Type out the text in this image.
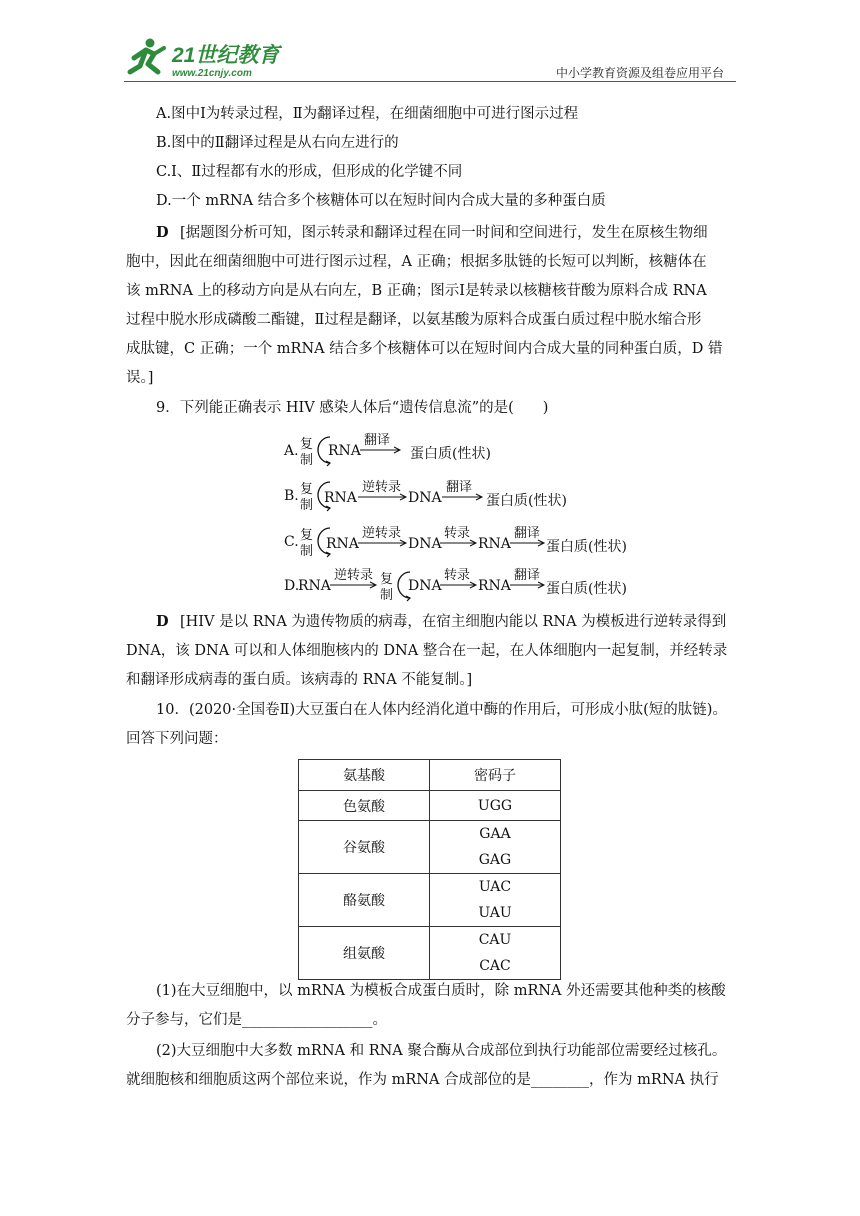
21世纪教育
www.21cnjy.com	中小学教育资源及组卷应用平台
A.图中Ⅰ为转录过程，Ⅱ为翻译过程，在细菌细胞中可进行图示过程
B.图中的Ⅱ翻译过程是从右向左进行的
C.Ⅰ、Ⅱ过程都有水的形成，但形成的化学键不同
D.一个 mRNA 结合多个核糖体可以在短时间内合成大量的多种蛋白质
D [据题图分析可知，图示转录和翻译过程在同一时间和空间进行，发生在原核生物细
胞中，因此在细菌细胞中可进行图示过程，A 正确；根据多肽链的长短可以判断，核糖体在
该 mRNA 上的移动方向是从右向左，B 正确；图示Ⅰ是转录以核糖核苷酸为原料合成 RNA
过程中脱水形成磷酸二酯键，Ⅱ过程是翻译，以氨基酸为原料合成蛋白质过程中脱水缩合形
成肽键，C 正确；一个 mRNA 结合多个核糖体可以在短时间内合成大量的同种蛋白质，D 错
误。]
9．下列能正确表示 HIV 感染人体后“遗传信息流”的是(　　)
A. 复
制
RNA
翻译
蛋白质(性状)
B. 复
制 RNA
逆转录
DNA
翻译
蛋白质(性状)
C. 复
制 RNA
逆转录
DNA
转录
RNA
翻译
蛋白质(性状)
D.
RNA
逆转录 复
制
DNA
转录
RNA
翻译
蛋白质(性状)
D [HIV 是以 RNA 为遗传物质的病毒，在宿主细胞内能以 RNA 为模板进行逆转录得到
DNA，该 DNA 可以和人体细胞核内的 DNA 整合在一起，在人体细胞内一起复制，并经转录
和翻译形成病毒的蛋白质。该病毒的 RNA 不能复制。]
10．(2020·全国卷Ⅱ)大豆蛋白在人体内经消化道中酶的作用后，可形成小肽(短的肽链)。
回答下列问题：
氨基酸	密码子
色氨酸	UGG
谷氨酸	GAA
GAG

酪氨酸	UAC
UAU

组氨酸	CAU
CAC
(1)在大豆细胞中，以 mRNA 为模板合成蛋白质时，除 mRNA 外还需要其他种类的核酸
分子参与，它们是__________________。
(2)大豆细胞中大多数 mRNA 和 RNA 聚合酶从合成部位到执行功能部位需要经过核孔。
就细胞核和细胞质这两个部位来说，作为 mRNA 合成部位的是________，作为 mRNA 执行
